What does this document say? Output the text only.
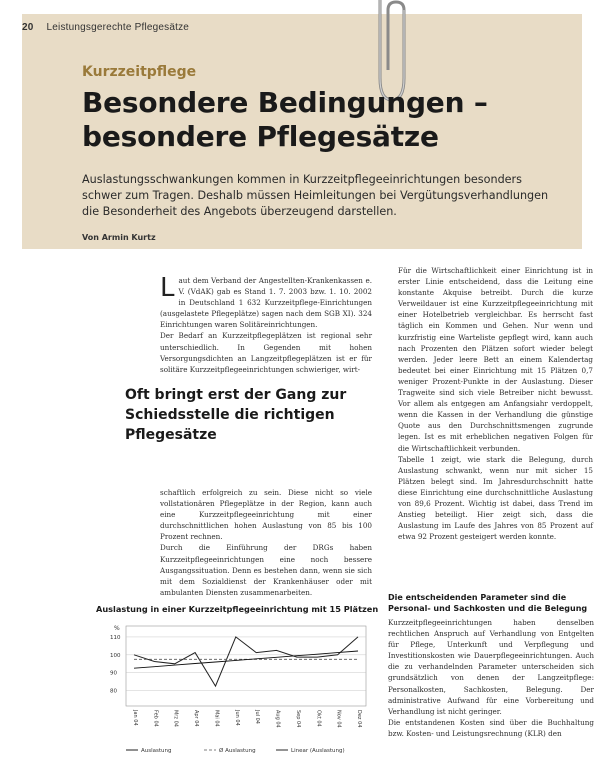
20 Leistungsgerechte Pflegesätze
Kurzzeitpflege
Besondere Bedingungen –
besondere Pflegesätze
Auslastungsschwankungen kommen in Kurzzeitpflegeeinrichtungen besonders schwer zum Tragen. Deshalb müssen Heimleitungen bei Vergütungsverhandlungen die Besonderheit des Angebots überzeugend darstellen.
Von Armin Kurtz
Laut dem Verband der Angestellten-Krankenkassen e. V. (VdAK) gab es Stand 1. 7. 2003 bzw. 1. 10. 2002 in Deutschland 1 632 Kurzzeitpflege-Einrichtungen (ausgelastete Pflegeplätze) sagen nach dem SGB XI). 324 Einrichtungen waren Solitäreinrichtungen.
Der Bedarf an Kurzzeitpflegeplätzen ist regional sehr unterschiedlich. In Gegenden mit hohen Versorgungsdichten an Langzeitpflegeplätzen ist er für solitäre Kurzzeitpflegeeinrichtungen schwieriger, wirt-
Oft bringt erst der Gang zur Schiedsstelle die richtigen Pflegesätze
schaftlich erfolgreich zu sein. Diese nicht so viele vollstationären Pflegeplätze in der Region, kann auch eine Kurzzeitpflegeeinrichtung mit einer durchschnittlichen hohen Auslastung von 85 bis 100 Prozent rechnen.
Durch die Einführung der DRGs haben Kurzzeitpflegeeinrichtungen eine noch bessere Ausgangssituation. Denn es bestehen dann, wenn sie sich mit dem Sozialdienst der Krankenhäuser oder mit ambulanten Diensten zusammenarbeiten.
Für die Wirtschaftlichkeit einer Einrichtung ist in erster Linie entscheidend, dass die Leitung eine konstante Akquise betreibt. Durch die kurze Verweildauer ist eine Kurzzeitpflegeeinrichtung mit einer Hotelbetrieb vergleichbar. Es herrscht fast täglich ein Kommen und Gehen. Nur wenn und kurzfristig eine Warteliste gepflegt wird, kann auch nach Prozenten den Plätzen sofort wieder belegt werden. Jeder leere Bett an einem Kalendertag bedeutet bei einer Einrichtung mit 15 Plätzen 0,7 weniger Prozent-Punkte in der Auslastung. Dieser Tragweite sind sich viele Betreiber nicht bewusst. Vor allem als entgegen am Anfangsiahr verdoppelt, wenn die Kassen in der Verhandlung die günstige Quote aus den Durchschnittsmengen zugrunde legen. Ist es mit erheblichen negativen Folgen für die Wirtschaftlichkeit verbunden.
Tabelle 1 zeigt, wie stark die Belegung, durch Auslastung schwankt, wenn nur mit sicher 15 Plätzen belegt sind. Im Jahresdurchschnitt hatte diese Einrichtung eine durchschnittliche Auslastung von 89,6 Prozent. Wichtig ist dabei, dass Trend im Anstieg beteiligt. Hier zeigt sich, dass die Auslastung im Laufe des Jahres von 85 Prozent auf etwa 92 Prozent gesteigert werden konnte.
Die entscheidenden Parameter sind die Personal- und Sachkosten und die Belegung
Kurzzeitpflegeeinrichtungen haben denselben rechtlichen Anspruch auf Verhandlung von Entgelten für Pflege, Unterkunft und Verpflegung und Investitionskosten wie Dauerpflegeeinrichtungen. Auch die zu verhandelnden Parameter unterscheiden sich grundsätzlich von denen der Langzeitpflege: Personalkosten, Sachkosten, Belegung. Der administrative Aufwand für eine Vorbereitung und Verhandlung ist nicht geringer.
Die entstandenen Kosten sind über die Buchhaltung bzw. Kosten- und Leistungsrechnung (KLR) den
Auslastung in einer Kurzzeitpflegeeinrichtung mit 15 Plätzen
%
110
100
90
80
Jan 04	Feb 04	Mrz 04	Apr 04	Mai 04	Jun 04	Jul 04	Aug 04	Sep 04	Okt 04	Nov 04	Dez 04
Auslastung	Ø Auslastung	Linear (Auslastung)
